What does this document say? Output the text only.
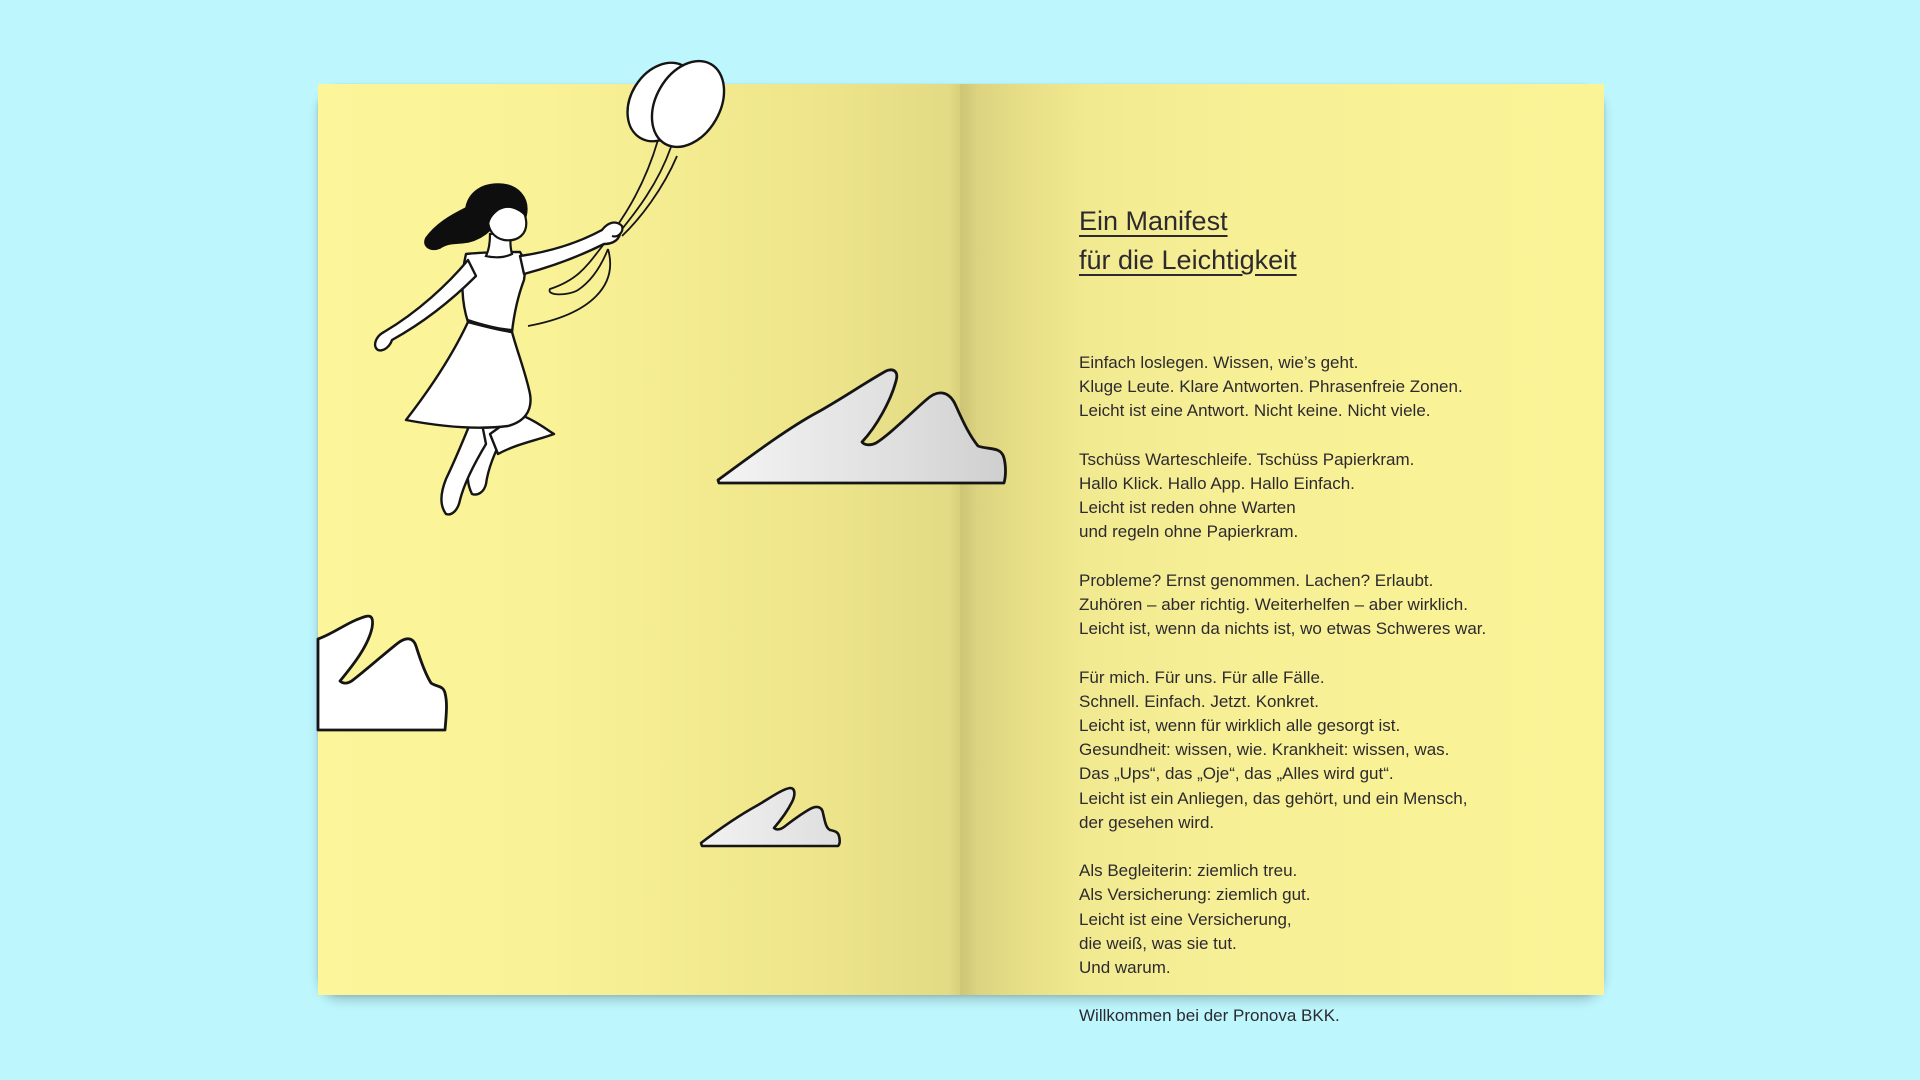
Ein Manifest
für die Leichtigkeit

Einfach loslegen. Wissen, wie’s geht.
Kluge Leute. Klare Antworten. Phrasenfreie Zonen.
Leicht ist eine Antwort. Nicht keine. Nicht viele.

Tschüss Warteschleife. Tschüss Papierkram.
Hallo Klick. Hallo App. Hallo Einfach.
Leicht ist reden ohne Warten
und regeln ohne Papierkram.

Probleme? Ernst genommen. Lachen? Erlaubt.
Zuhören – aber richtig. Weiterhelfen – aber wirklich.
Leicht ist, wenn da nichts ist, wo etwas Schweres war.

Für mich. Für uns. Für alle Fälle.
Schnell. Einfach. Jetzt. Konkret.
Leicht ist, wenn für wirklich alle gesorgt ist.
Gesundheit: wissen, wie. Krankheit: wissen, was.
Das „Ups“, das „Oje“, das „Alles wird gut“.
Leicht ist ein Anliegen, das gehört, und ein Mensch,
der gesehen wird.

Als Begleiterin: ziemlich treu.
Als Versicherung: ziemlich gut.
Leicht ist eine Versicherung,
die weiß, was sie tut.
Und warum.

Willkommen bei der Pronova BKK.
